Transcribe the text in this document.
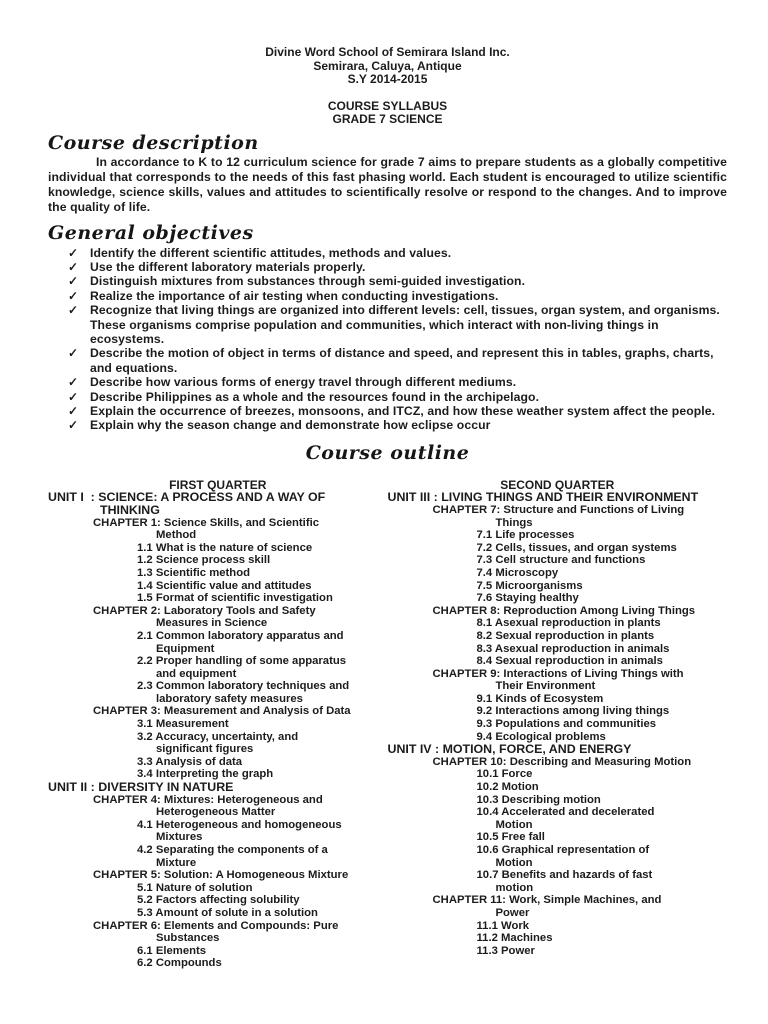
Divine Word School of Semirara Island Inc.
Semirara, Caluya, Antique
S.Y 2014-2015
COURSE SYLLABUS
GRADE 7 SCIENCE
Course description

In accordance to K to 12 curriculum science for grade 7 aims to prepare students as a globally competitive individual that corresponds to the needs of this fast phasing world. Each student is encouraged to utilize scientific knowledge, science skills, values and attitudes to scientifically resolve or respond to the changes. And to improve the quality of life.

General objectives
✓ Identify the different scientific attitudes, methods and values.
✓ Use the different laboratory materials properly.
✓ Distinguish mixtures from substances through semi-guided investigation.
✓ Realize the importance of air testing when conducting investigations.
✓ Recognize that living things are organized into different levels: cell, tissues, organ system, and organisms. These organisms comprise population and communities, which interact with non-living things in ecosystems.
✓ Describe the motion of object in terms of distance and speed, and represent this in tables, graphs, charts, and equations.
✓ Describe how various forms of energy travel through different mediums.
✓ Describe Philippines as a whole and the resources found in the archipelago.
✓ Explain the occurrence of breezes, monsoons, and ITCZ, and how these weather system affect the people.
✓ Explain why the season change and demonstrate how eclipse occur
Course outline
FIRST QUARTER
UNIT I  : SCIENCE: A PROCESS AND A WAY OF
THINKING
CHAPTER 1: Science Skills, and Scientific
Method
1.1 What is the nature of science
1.2 Science process skill
1.3 Scientific method
1.4 Scientific value and attitudes
1.5 Format of scientific investigation
CHAPTER 2: Laboratory Tools and Safety
Measures in Science
2.1 Common laboratory apparatus and
Equipment
2.2 Proper handling of some apparatus
and equipment
2.3 Common laboratory techniques and
laboratory safety measures
CHAPTER 3: Measurement and Analysis of Data
3.1 Measurement
3.2 Accuracy, uncertainty, and
significant figures
3.3 Analysis of data
3.4 Interpreting the graph
UNIT II : DIVERSITY IN NATURE
CHAPTER 4: Mixtures: Heterogeneous and
Heterogeneous Matter
4.1 Heterogeneous and homogeneous
Mixtures
4.2 Separating the components of a
Mixture
CHAPTER 5: Solution: A Homogeneous Mixture
5.1 Nature of solution
5.2 Factors affecting solubility
5.3 Amount of solute in a solution
CHAPTER 6: Elements and Compounds: Pure
Substances
6.1 Elements
6.2 Compounds
SECOND QUARTER
UNIT III : LIVING THINGS AND THEIR ENVIRONMENT
CHAPTER 7: Structure and Functions of Living
Things
7.1 Life processes
7.2 Cells, tissues, and organ systems
7.3 Cell structure and functions
7.4 Microscopy
7.5 Microorganisms
7.6 Staying healthy
CHAPTER 8: Reproduction Among Living Things
8.1 Asexual reproduction in plants
8.2 Sexual reproduction in plants
8.3 Asexual reproduction in animals
8.4 Sexual reproduction in animals
CHAPTER 9: Interactions of Living Things with
Their Environment
9.1 Kinds of Ecosystem
9.2 Interactions among living things
9.3 Populations and communities
9.4 Ecological problems
UNIT IV : MOTION, FORCE, AND ENERGY
CHAPTER 10: Describing and Measuring Motion
10.1 Force
10.2 Motion
10.3 Describing motion
10.4 Accelerated and decelerated
Motion
10.5 Free fall
10.6 Graphical representation of
Motion
10.7 Benefits and hazards of fast
motion
CHAPTER 11: Work, Simple Machines, and
Power
11.1 Work
11.2 Machines
11.3 Power
